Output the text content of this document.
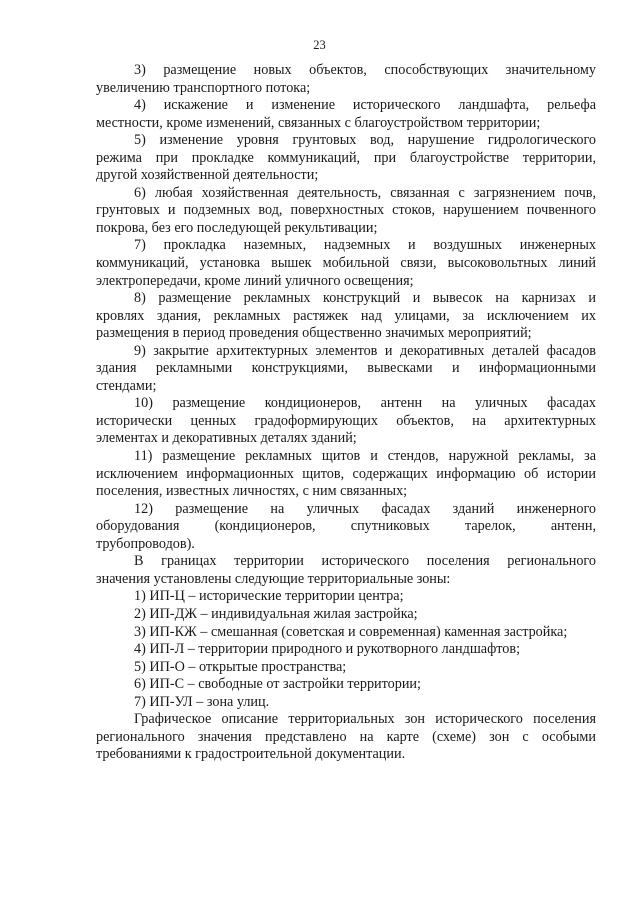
23

3) размещение новых объектов, способствующих значительному
увеличению транспортного потока;

4) искажение и изменение исторического ландшафта, рельефа
местности, кроме изменений, связанных с благоустройством территории;

5) изменение уровня грунтовых вод, нарушение гидрологического
режима при прокладке коммуникаций, при благоустройстве территории,
другой хозяйственной деятельности;

6) любая хозяйственная деятельность, связанная с загрязнением почв,
грунтовых и подземных вод, поверхностных стоков, нарушением почвенного
покрова, без его последующей рекультивации;

7) прокладка наземных, надземных и воздушных инженерных
коммуникаций, установка вышек мобильной связи, высоковольтных линий
электропередачи, кроме линий уличного освещения;

8) размещение рекламных конструкций и вывесок на карнизах и
кровлях здания, рекламных растяжек над улицами, за исключением их
размещения в период проведения общественно значимых мероприятий;

9) закрытие архитектурных элементов и декоративных деталей фасадов
здания рекламными конструкциями, вывесками и информационными
стендами;

10) размещение кондиционеров, антенн на уличных фасадах
исторически ценных градоформирующих объектов, на архитектурных
элементах и декоративных деталях зданий;

11) размещение рекламных щитов и стендов, наружной рекламы, за
исключением информационных щитов, содержащих информацию об истории
поселения, известных личностях, с ним связанных;

12) размещение на уличных фасадах зданий инженерного
оборудования (кондиционеров, спутниковых тарелок, антенн,
трубопроводов).

В границах территории исторического поселения регионального
значения установлены следующие территориальные зоны:

1) ИП-Ц – исторические территории центра;

2) ИП-ДЖ – индивидуальная жилая застройка;

3) ИП-КЖ – смешанная (советская и современная) каменная застройка;

4) ИП-Л – территории природного и рукотворного ландшафтов;

5) ИП-О – открытые пространства;

6) ИП-С – свободные от застройки территории;

7) ИП-УЛ – зона улиц.

Графическое описание территориальных зон исторического поселения
регионального значения представлено на карте (схеме) зон с особыми
требованиями к градостроительной документации.
